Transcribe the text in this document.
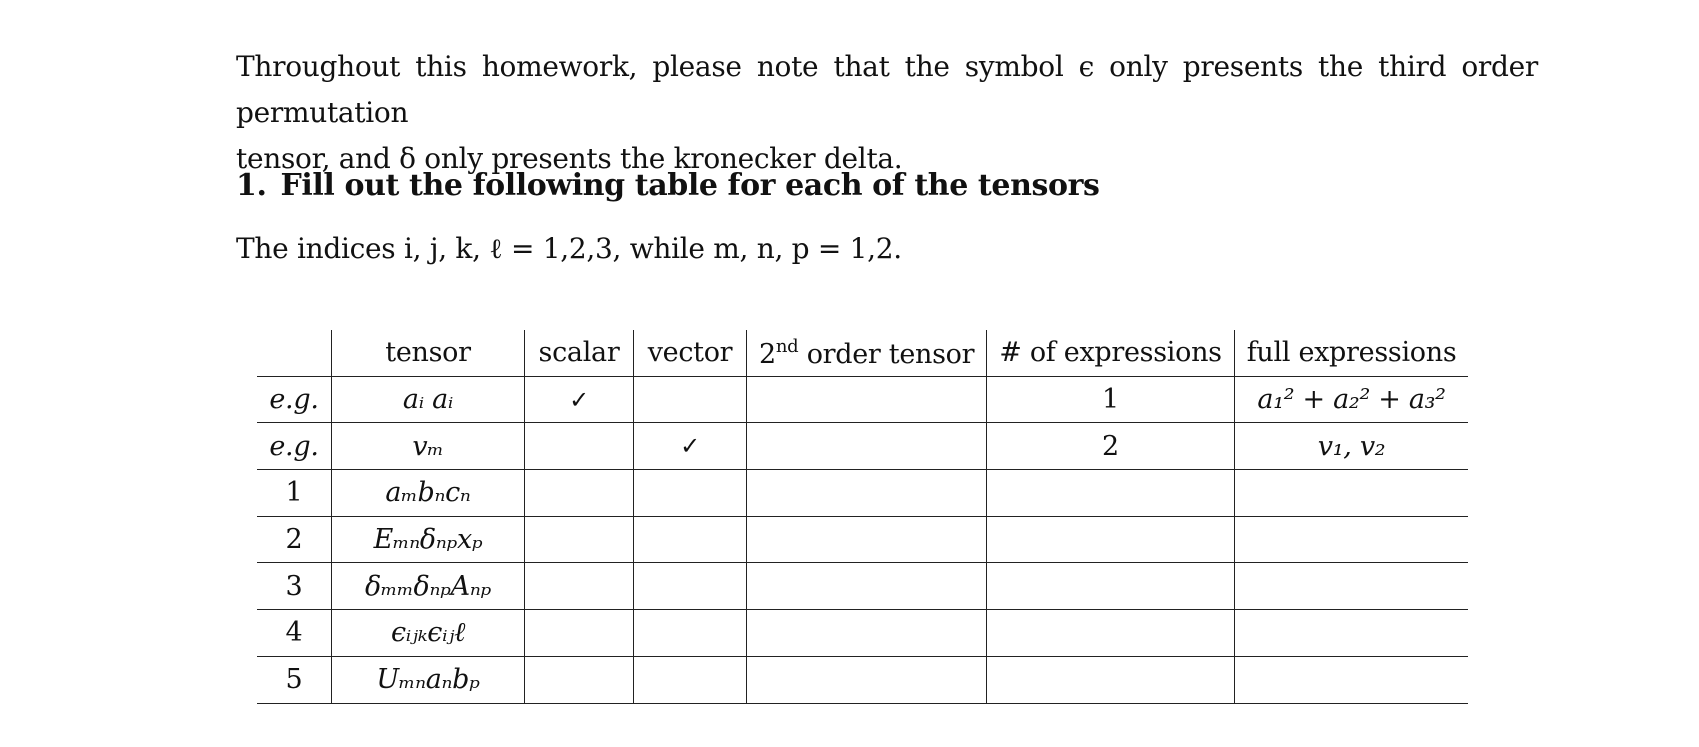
Throughout this homework, please note that the symbol ϵ only presents the third order permutation
tensor, and δ only presents the kronecker delta.
1. Fill out the following table for each of the tensors
The indices i, j, k, ℓ = 1,2,3, while m, n, p = 1,2.
	tensor	scalar	vector	2nd order tensor	# of expressions	full expressions
e.g.	aᵢ aᵢ	✓			1	a₁² + a₂² + a₃²
e.g.	vₘ		✓		2	v₁, v₂
1	aₘbₙcₙ					
2	Eₘₙδₙₚxₚ					
3	δₘₘδₙₚAₙₚ					
4	ϵᵢⱼₖϵᵢⱼℓ					
5	Uₘₙaₙbₚ					
